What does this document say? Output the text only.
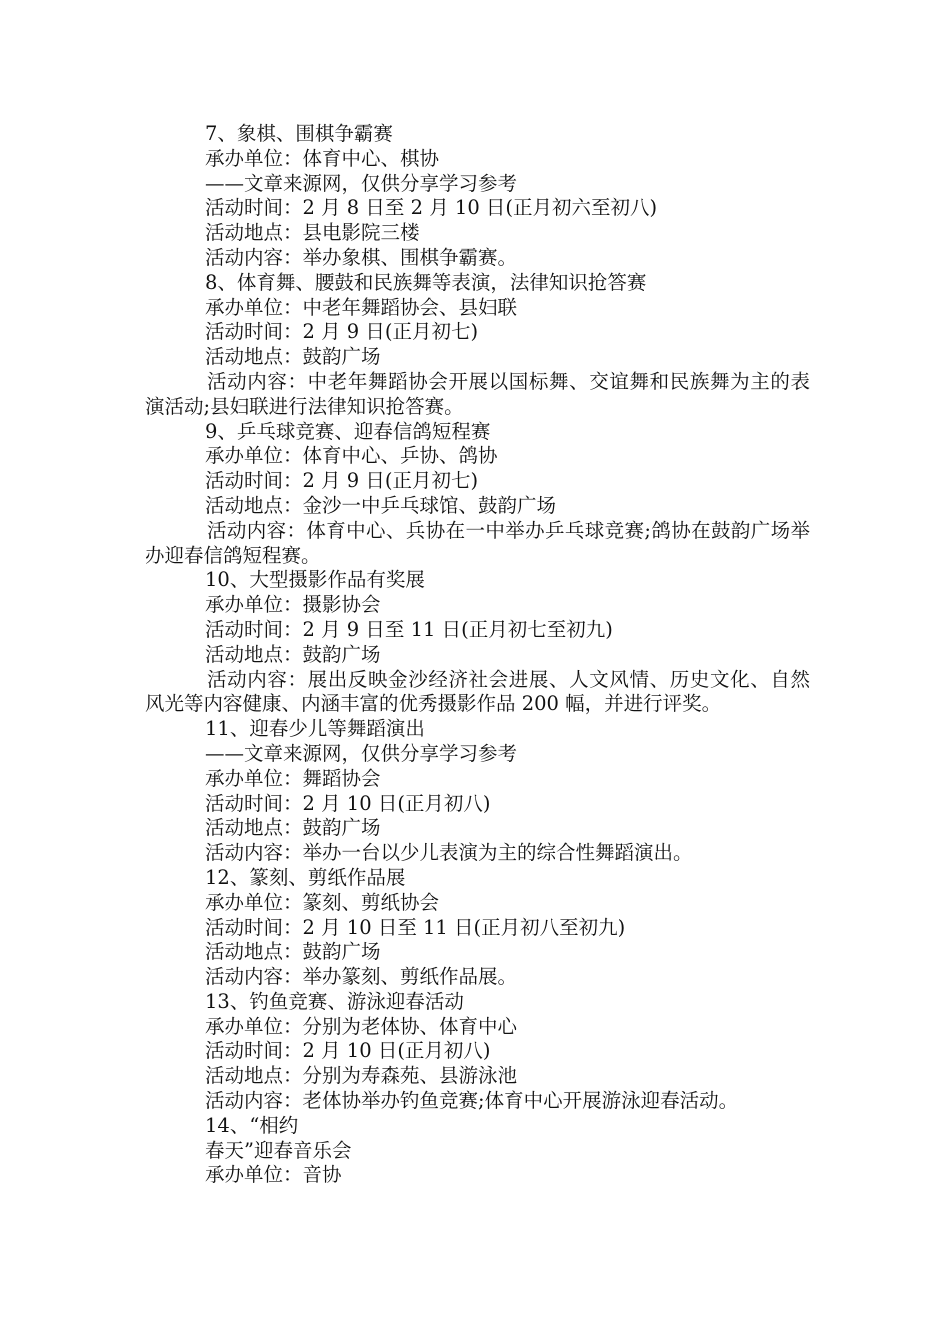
7、象棋、围棋争霸赛
承办单位：体育中心、棋协
——文章来源网，仅供分享学习参考
活动时间：2 月 8 日至 2 月 10 日(正月初六至初八)
活动地点：县电影院三楼
活动内容：举办象棋、围棋争霸赛。
8、体育舞、腰鼓和民族舞等表演，法律知识抢答赛
承办单位：中老年舞蹈协会、县妇联
活动时间：2 月 9 日(正月初七)
活动地点：鼓韵广场
活动内容：中老年舞蹈协会开展以国标舞、交谊舞和民族舞为主的表演活动;县妇联进行法律知识抢答赛。
9、乒乓球竞赛、迎春信鸽短程赛
承办单位：体育中心、乒协、鸽协
活动时间：2 月 9 日(正月初七)
活动地点：金沙一中乒乓球馆、鼓韵广场
活动内容：体育中心、兵协在一中举办乒乓球竞赛;鸽协在鼓韵广场举办迎春信鸽短程赛。
10、大型摄影作品有奖展
承办单位：摄影协会
活动时间：2 月 9 日至 11 日(正月初七至初九)
活动地点：鼓韵广场
活动内容：展出反映金沙经济社会进展、人文风情、历史文化、自然风光等内容健康、内涵丰富的优秀摄影作品 200 幅，并进行评奖。
11、迎春少儿等舞蹈演出
——文章来源网，仅供分享学习参考
承办单位：舞蹈协会
活动时间：2 月 10 日(正月初八)
活动地点：鼓韵广场
活动内容：举办一台以少儿表演为主的综合性舞蹈演出。
12、篆刻、剪纸作品展
承办单位：篆刻、剪纸协会
活动时间：2 月 10 日至 11 日(正月初八至初九)
活动地点：鼓韵广场
活动内容：举办篆刻、剪纸作品展。
13、钓鱼竞赛、游泳迎春活动
承办单位：分别为老体协、体育中心
活动时间：2 月 10 日(正月初八)
活动地点：分别为寿森苑、县游泳池
活动内容：老体协举办钓鱼竞赛;体育中心开展游泳迎春活动。
14、“相约
春天”迎春音乐会
承办单位：音协
